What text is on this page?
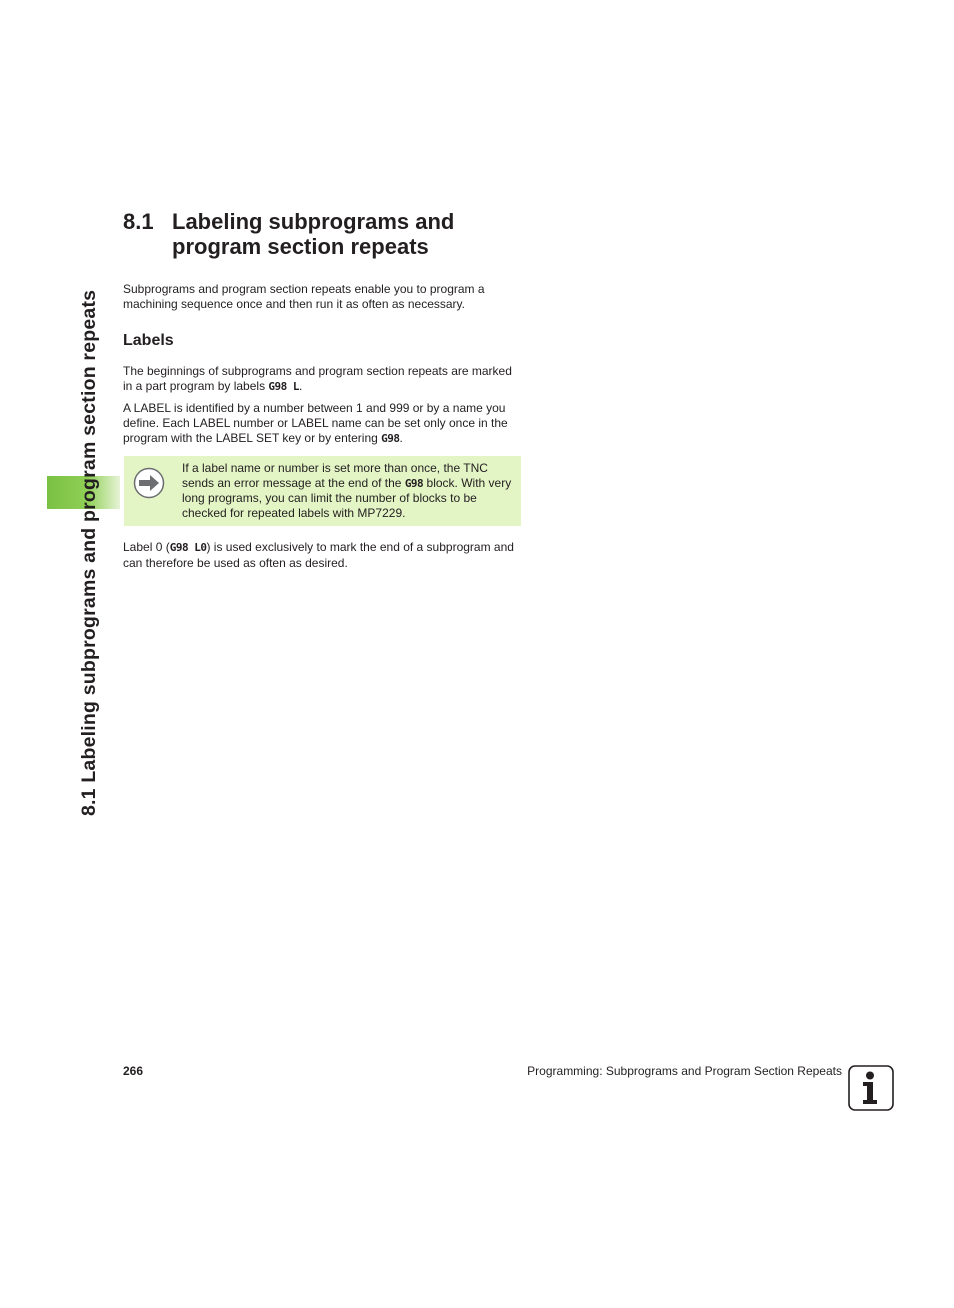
8.1 Labeling subprograms and program section repeats
8.1 Labeling subprograms and
program section repeats
Subprograms and program section repeats enable you to program a machining sequence once and then run it as often as necessary.
Labels
The beginnings of subprograms and program section repeats are marked in a part program by labels G98 L.
A LABEL is identified by a number between 1 and 999 or by a name you define. Each LABEL number or LABEL name can be set only once in the program with the LABEL SET key or by entering G98.
If a label name or number is set more than once, the TNC sends an error message at the end of the G98 block. With very long programs, you can limit the number of blocks to be checked for repeated labels with MP7229.
Label 0 (G98 L0) is used exclusively to mark the end of a subprogram and can therefore be used as often as desired.
266	Programming: Subprograms and Program Section Repeats
